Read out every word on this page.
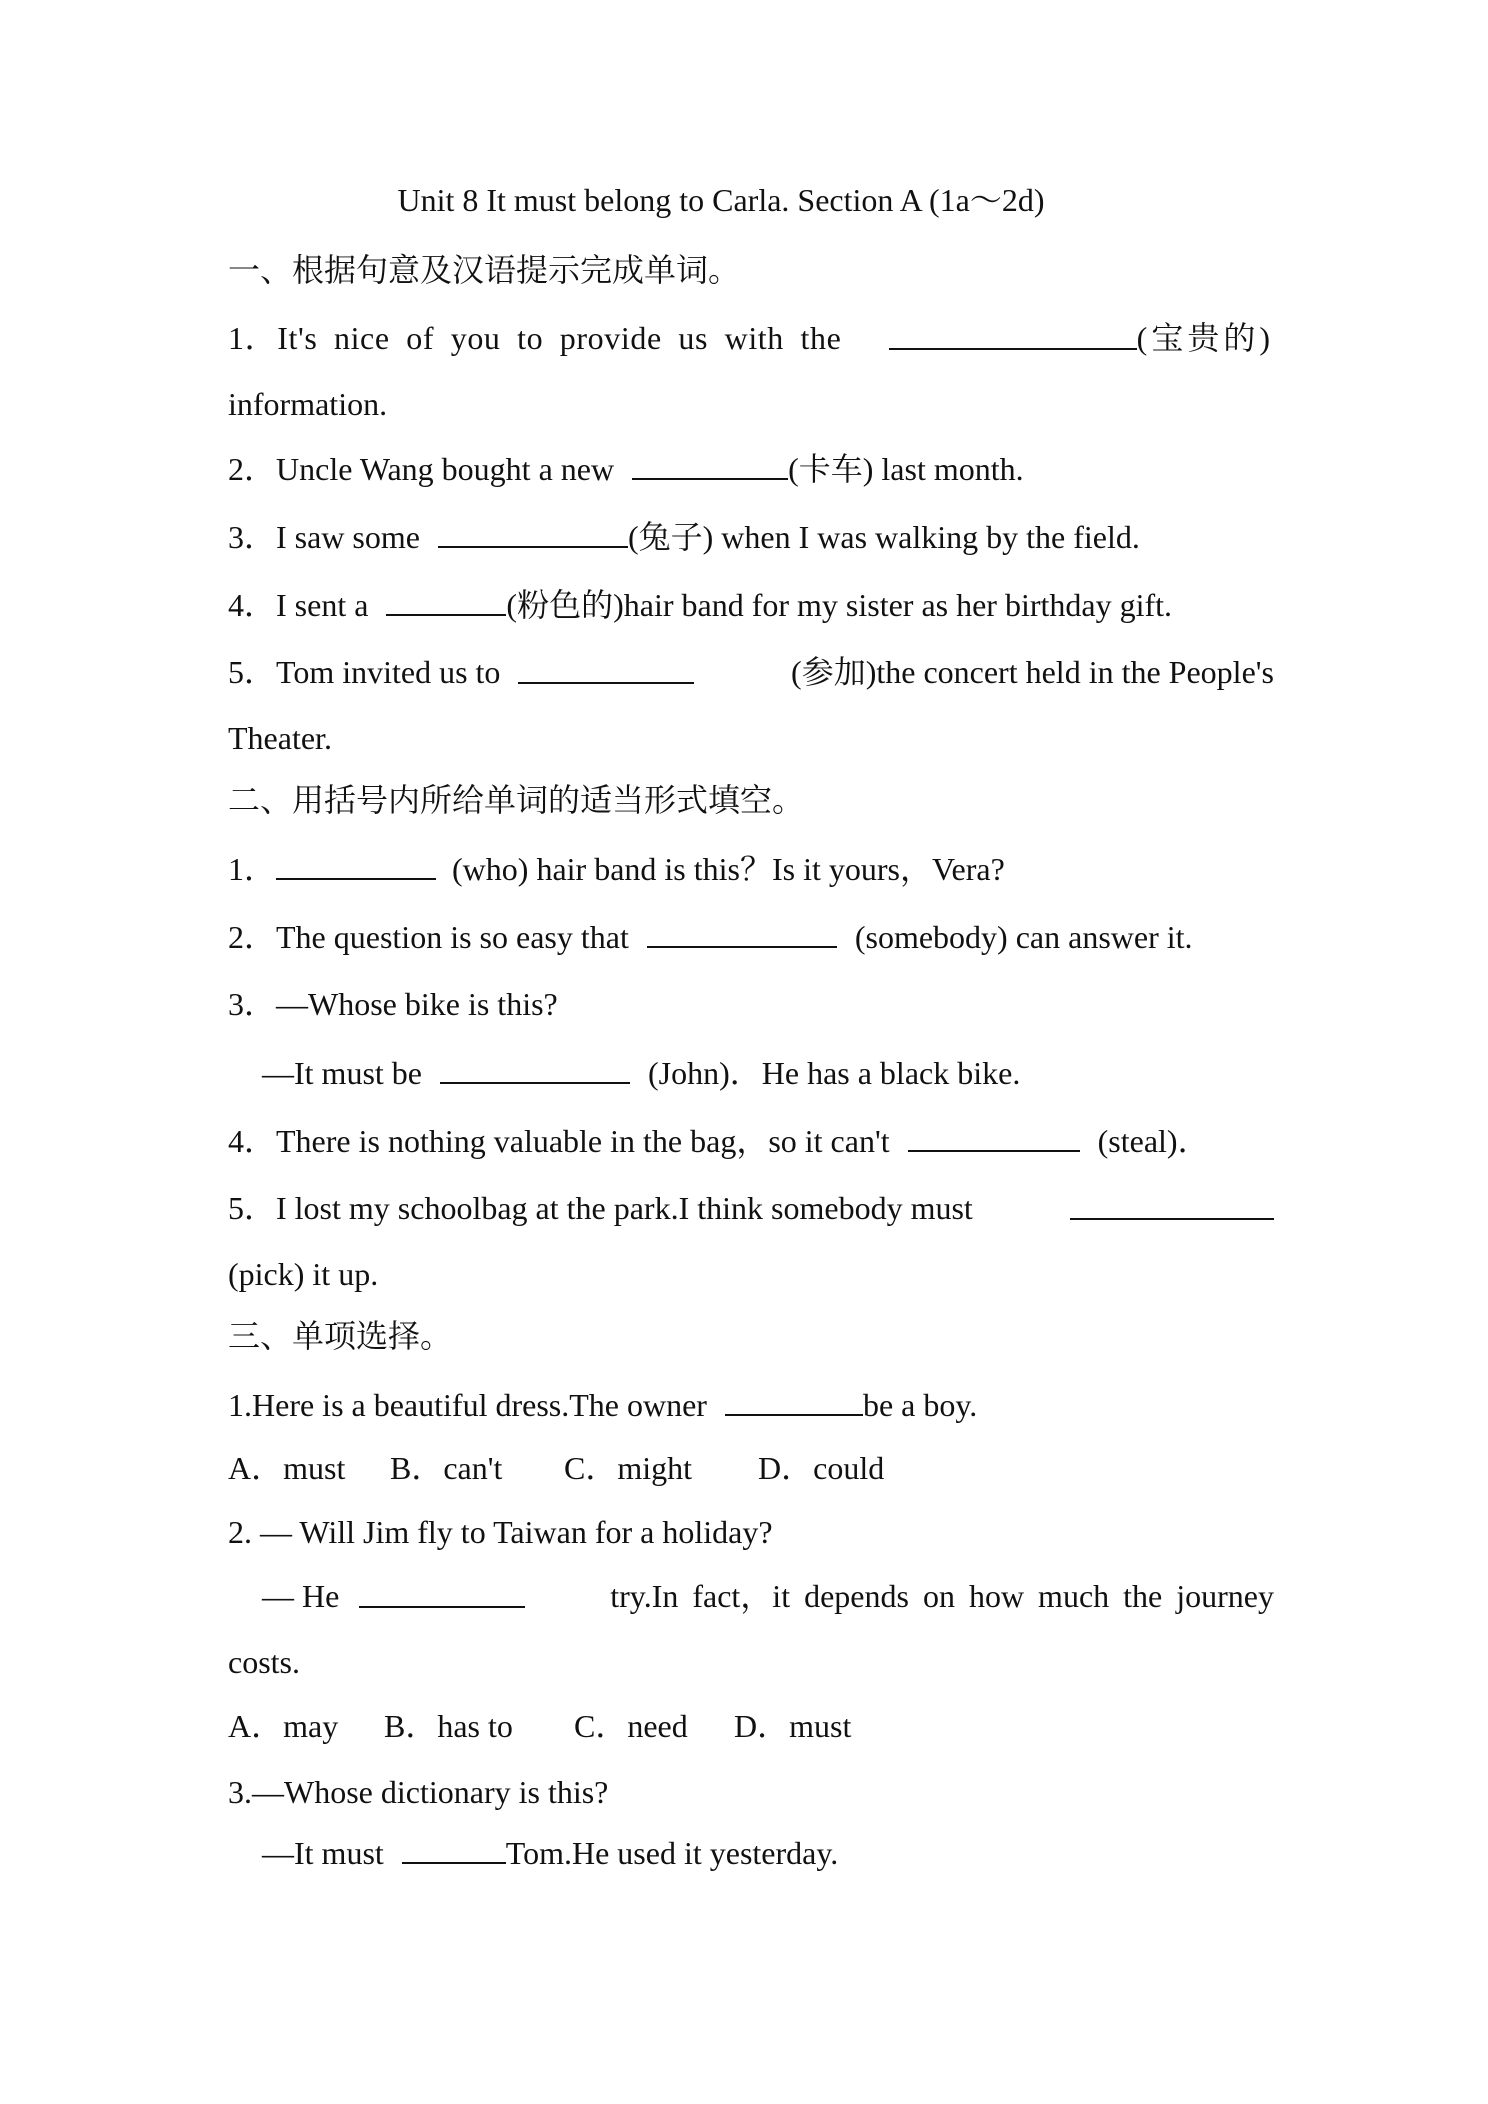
Unit 8 It must belong to Carla. Section A (1a～2d)
一、根据句意及汉语提示完成单词。
1．It's nice of you to provide us with the	(宝贵的)
information.
2．Uncle Wang bought a new	(卡车) last month.
3．I saw some	(兔子) when I was walking by the field.
4．I sent a	(粉色的)hair band for my sister as her birthday gift.
5．Tom invited us to	(参加)the concert held in the People's
Theater.
二、用括号内所给单词的适当形式填空。
1．	(who) hair band is this？Is it yours，Vera?
2．The question is so easy that	(somebody) can answer it.
3．—Whose bike is this?
—It must be	(John)．He has a black bike.
4．There is nothing valuable in the bag，so it can't	(steal)．
5．I lost my schoolbag at the park.I think somebody must
(pick) it up.
三、单项选择。
1.Here is a beautiful dress.The owner	be a boy.
A．must B．can't C．might D．could
2. — Will Jim fly to Taiwan for a holiday?
— He	try.In fact，it depends on how much the journey
costs.
A．may B．has to C．need D．must
3.—Whose dictionary is this?
—It must	Tom.He used it yesterday.
